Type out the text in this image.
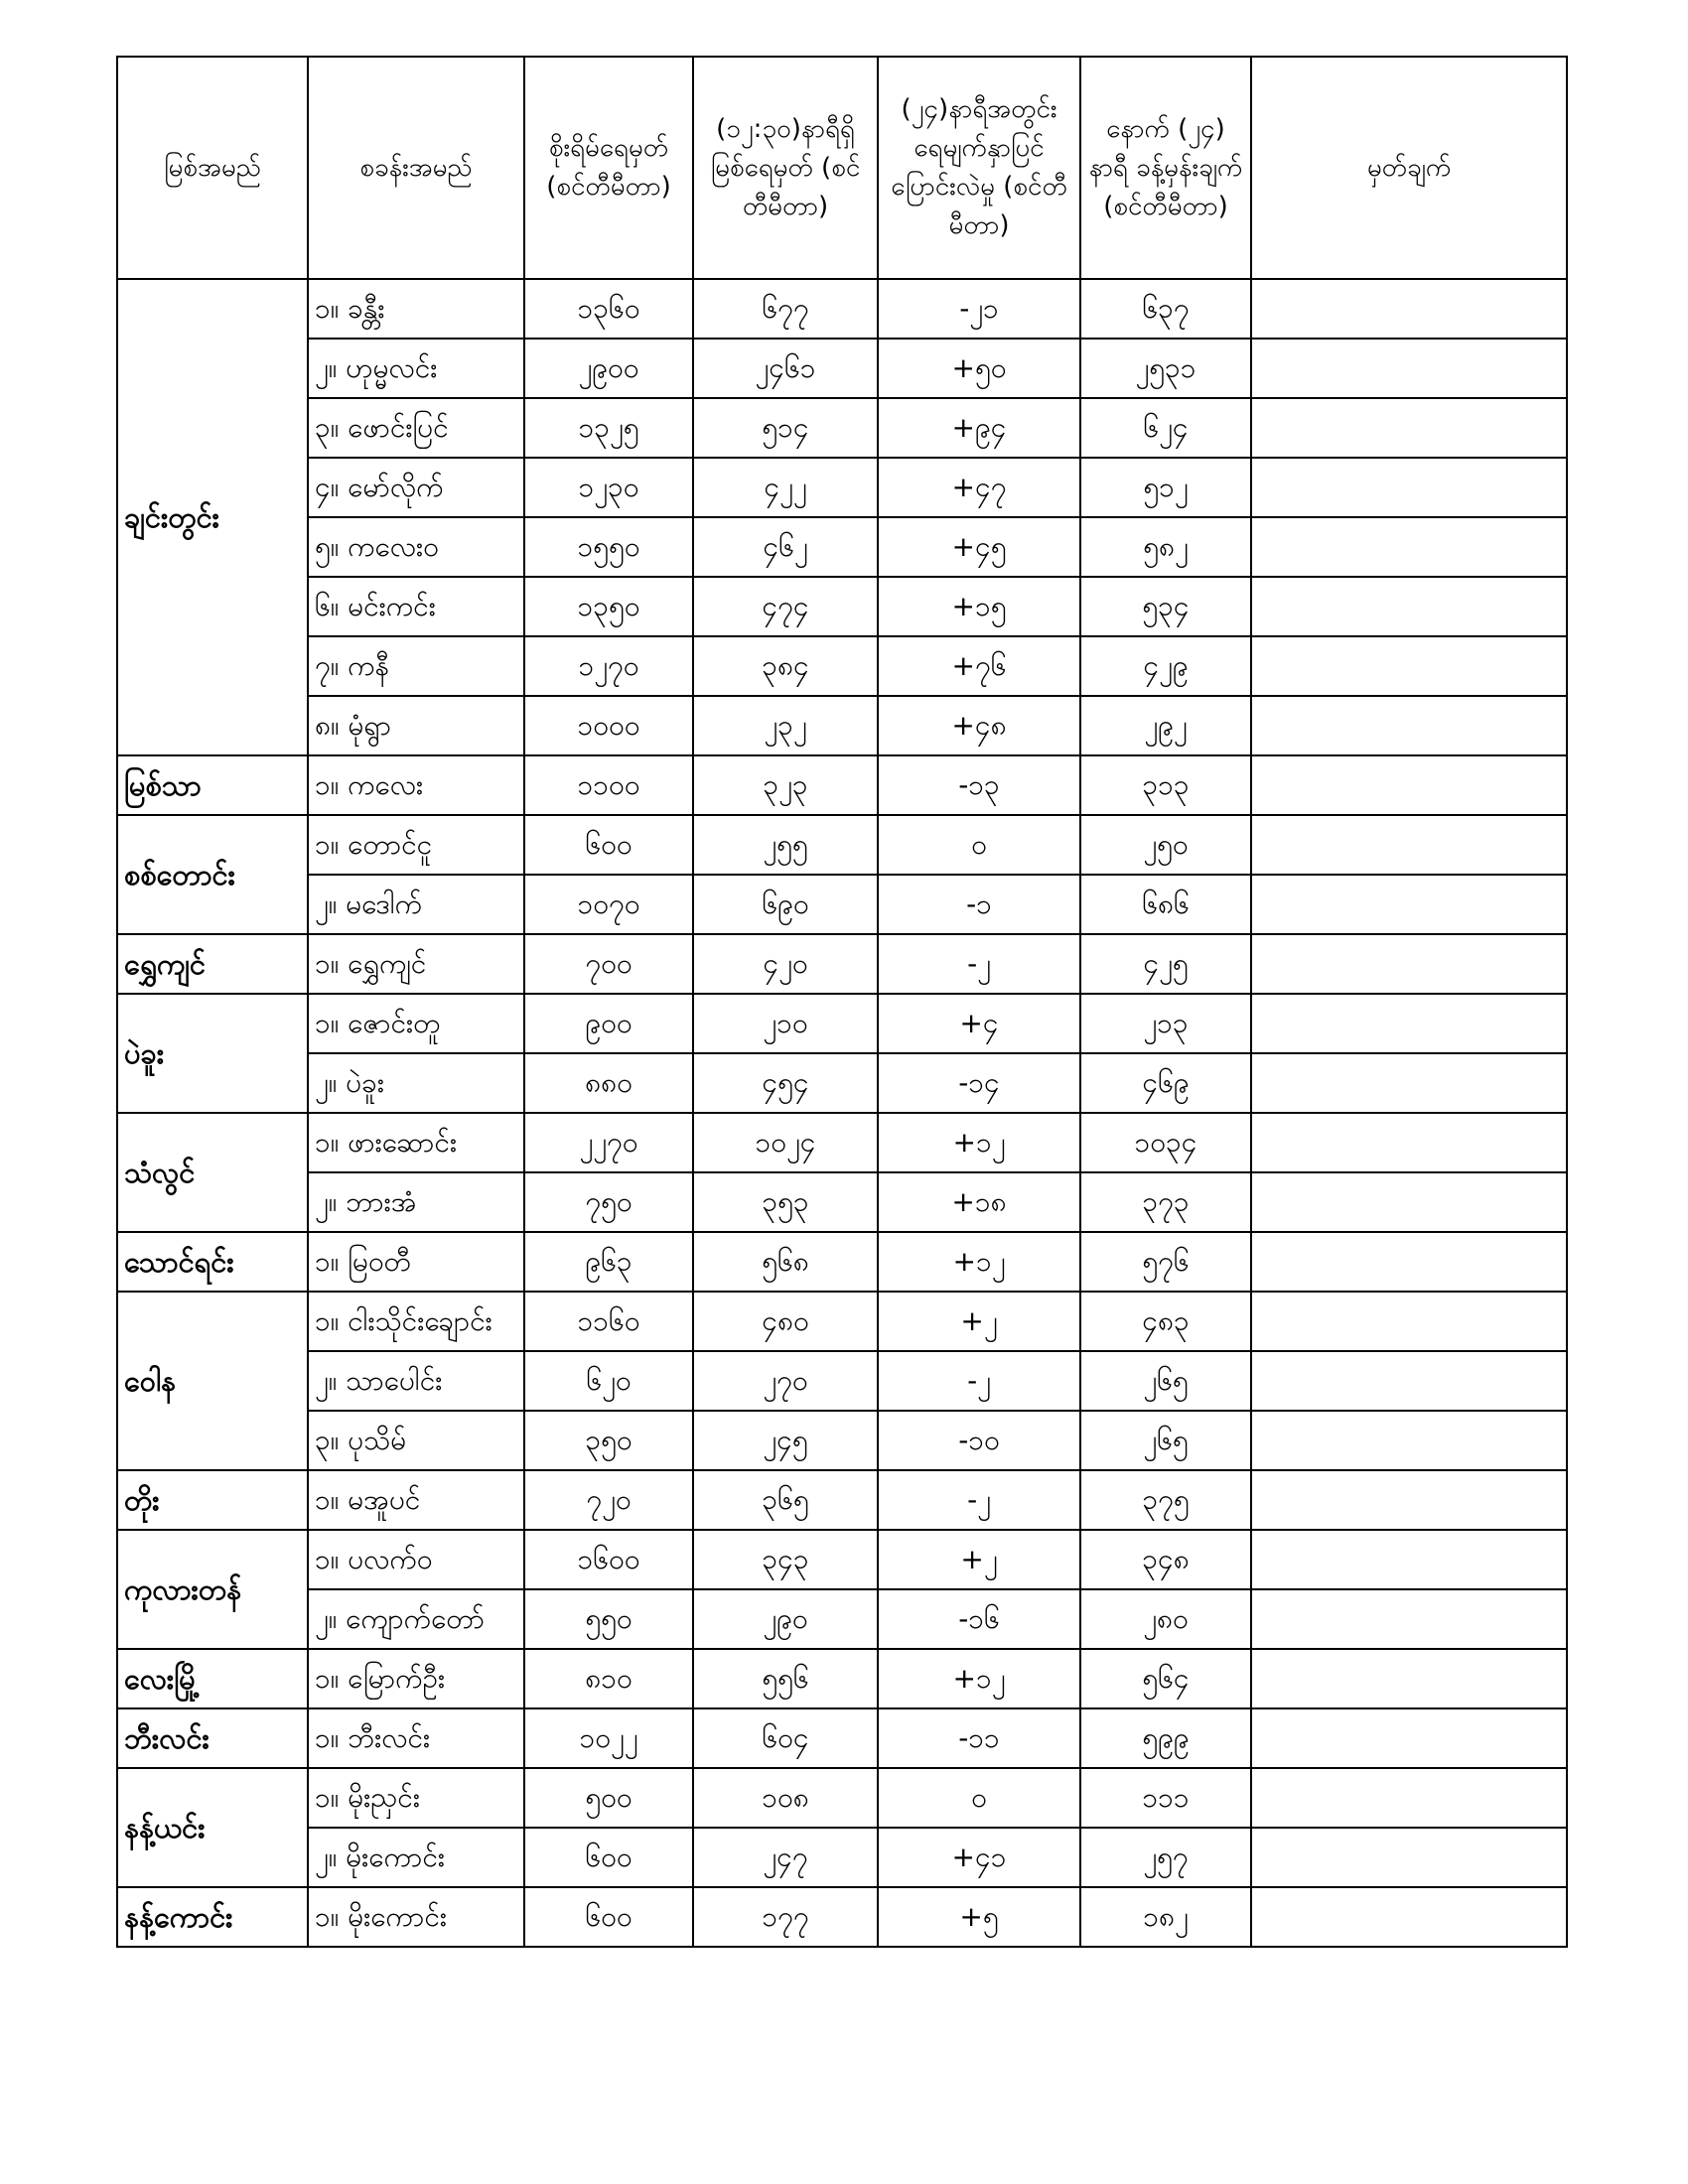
မြစ်အမည်	စခန်းအမည်	စိုးရိမ်ရေမှတ် (စင်တီမီတာ)	(၁၂:၃၀)နာရီရှိ မြစ်ရေမှတ် (စင်တီမီတာ)	(၂၄)နာရီအတွင်း ရေမျက်နှာပြင် ပြောင်းလဲမှု (စင်တီမီတာ)	နောက် (၂၄) နာရီ ခန့်မှန်းချက် (စင်တီမီတာ)	မှတ်ချက်
ချင်းတွင်း	၁။ ခန္တီး	၁၃၆၀	၆၇၇	-၂၁	၆၃၇	
	၂။ ဟုမ္မလင်း	၂၉၀၀	၂၄၆၁	+၅၀	၂၅၃၁	
	၃။ ဖောင်းပြင်	၁၃၂၅	၅၁၄	+၉၄	၆၂၄	
	၄။ မော်လိုက်	၁၂၃၀	၄၂၂	+၄၇	၅၁၂	
	၅။ ကလေးဝ	၁၅၅၀	၄၆၂	+၄၅	၅၈၂	
	၆။ မင်းကင်း	၁၃၅၀	၄၇၄	+၁၅	၅၃၄	
	၇။ ကနီ	၁၂၇၀	၃၈၄	+၇၆	၄၂၉	
	၈။ မုံရွာ	၁၀၀၀	၂၃၂	+၄၈	၂၉၂	
မြစ်သာ	၁။ ကလေး	၁၁၀၀	၃၂၃	-၁၃	၃၁၃	
စစ်တောင်း	၁။ တောင်ငူ	၆၀၀	၂၅၅	၀	၂၅၀	
	၂။ မဒေါက်	၁၀၇၀	၆၉၀	-၁	၆၈၆	
ရွှေကျင်	၁။ ရွှေကျင်	၇၀၀	၄၂၀	-၂	၄၂၅	
ပဲခူး	၁။ ဇောင်းတူ	၉၀၀	၂၁၀	+၄	၂၁၃	
	၂။ ပဲခူး	၈၈၀	၄၅၄	-၁၄	၄၆၉	
သံလွင်	၁။ ဖားဆောင်း	၂၂၇၀	၁၀၂၄	+၁၂	၁၀၃၄	
	၂။ ဘားအံ	၇၅၀	၃၅၃	+၁၈	၃၇၃	
သောင်ရင်း	၁။ မြဝတီ	၉၆၃	၅၆၈	+၁၂	၅၇၆	
ဝေါန	၁။ ငါးသိုင်းချောင်း	၁၁၆၀	၄၈၀	+၂	၄၈၃	
	၂။ သာပေါင်း	၆၂၀	၂၇၀	-၂	၂၆၅	
	၃။ ပုသိမ်	၃၅၀	၂၄၅	-၁၀	၂၆၅	
တိုး	၁။ မအူပင်	၇၂၀	၃၆၅	-၂	၃၇၅	
ကုလားတန်	၁။ ပလက်ဝ	၁၆၀၀	၃၄၃	+၂	၃၄၈	
	၂။ ကျောက်တော်	၅၅၀	၂၉၀	-၁၆	၂၈၀	
လေးမြို့	၁။ မြောက်ဦး	၈၁၀	၅၅၆	+၁၂	၅၆၄	
ဘီးလင်း	၁။ ဘီးလင်း	၁၀၂၂	၆၀၄	-၁၁	၅၉၉	
နန့်ယင်း	၁။ မိုးညှင်း	၅၀၀	၁၀၈	၀	၁၁၁	
	၂။ မိုးကောင်း	၆၀၀	၂၄၇	+၄၁	၂၅၇	
နန့်ကောင်း	၁။ မိုးကောင်း	၆၀၀	၁၇၇	+၅	၁၈၂	
